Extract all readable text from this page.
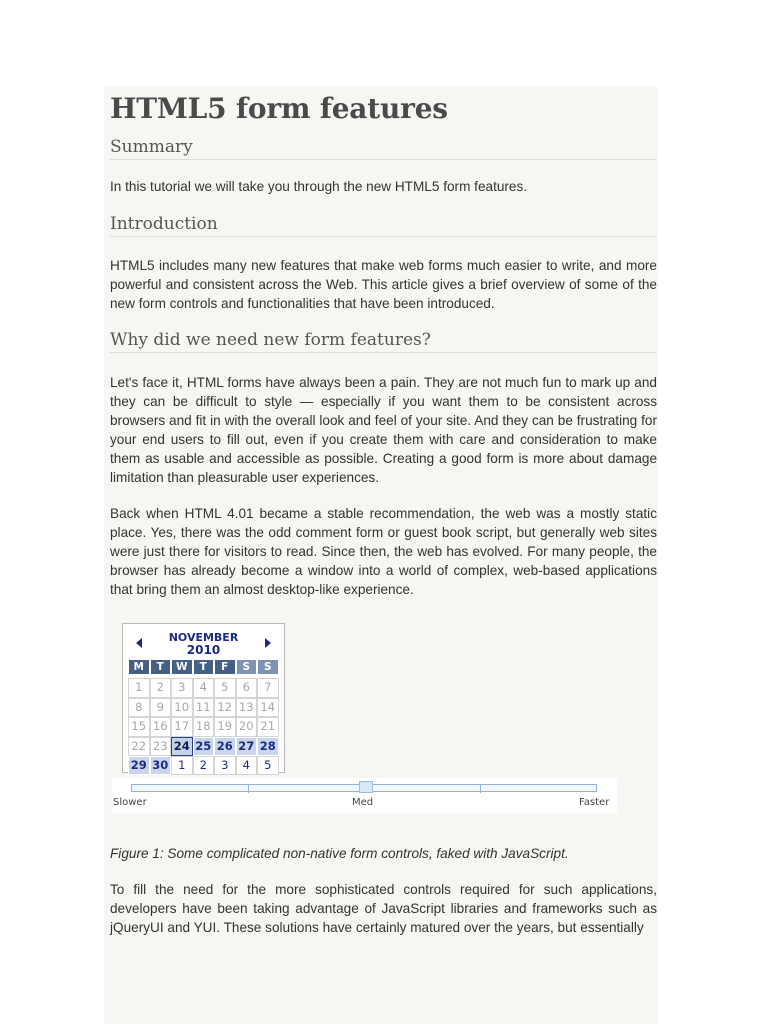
HTML5 form features
Summary

In this tutorial we will take you through the new HTML5 form features.

Introduction

HTML5 includes many new features that make web forms much easier to write, and more powerful and consistent across the Web. This article gives a brief overview of some of the new form controls and functionalities that have been introduced.

Why did we need new form features?

Let's face it, HTML forms have always been a pain. They are not much fun to mark up and they can be difficult to style — especially if you want them to be consistent across browsers and fit in with the overall look and feel of your site. And they can be frustrating for your end users to fill out, even if you create them with care and consideration to make them as usable and accessible as possible. Creating a good form is more about damage limitation than pleasurable user experiences.

Back when HTML 4.01 became a stable recommendation, the web was a mostly static place. Yes, there was the odd comment form or guest book script, but generally web sites were just there for visitors to read. Since then, the web has evolved. For many people, the browser has already become a window into a world of complex, web-based applications that bring them an almost desktop-like experience.

NOVEMBER
2010
M	T	W	T	F	S	S
1	2	3	4	5	6	7
8	9 10 11 12 13 14
15 16 17 18 19 20 21
22 23 24 25 26 27 28
29 30 1	2	3	4	5
Slower	Med	Faster
Figure 1: Some complicated non-native form controls, faked with JavaScript.

To fill the need for the more sophisticated controls required for such applications, developers have been taking advantage of JavaScript libraries and frameworks such as jQueryUI and YUI. These solutions have certainly matured over the years, but essentially
